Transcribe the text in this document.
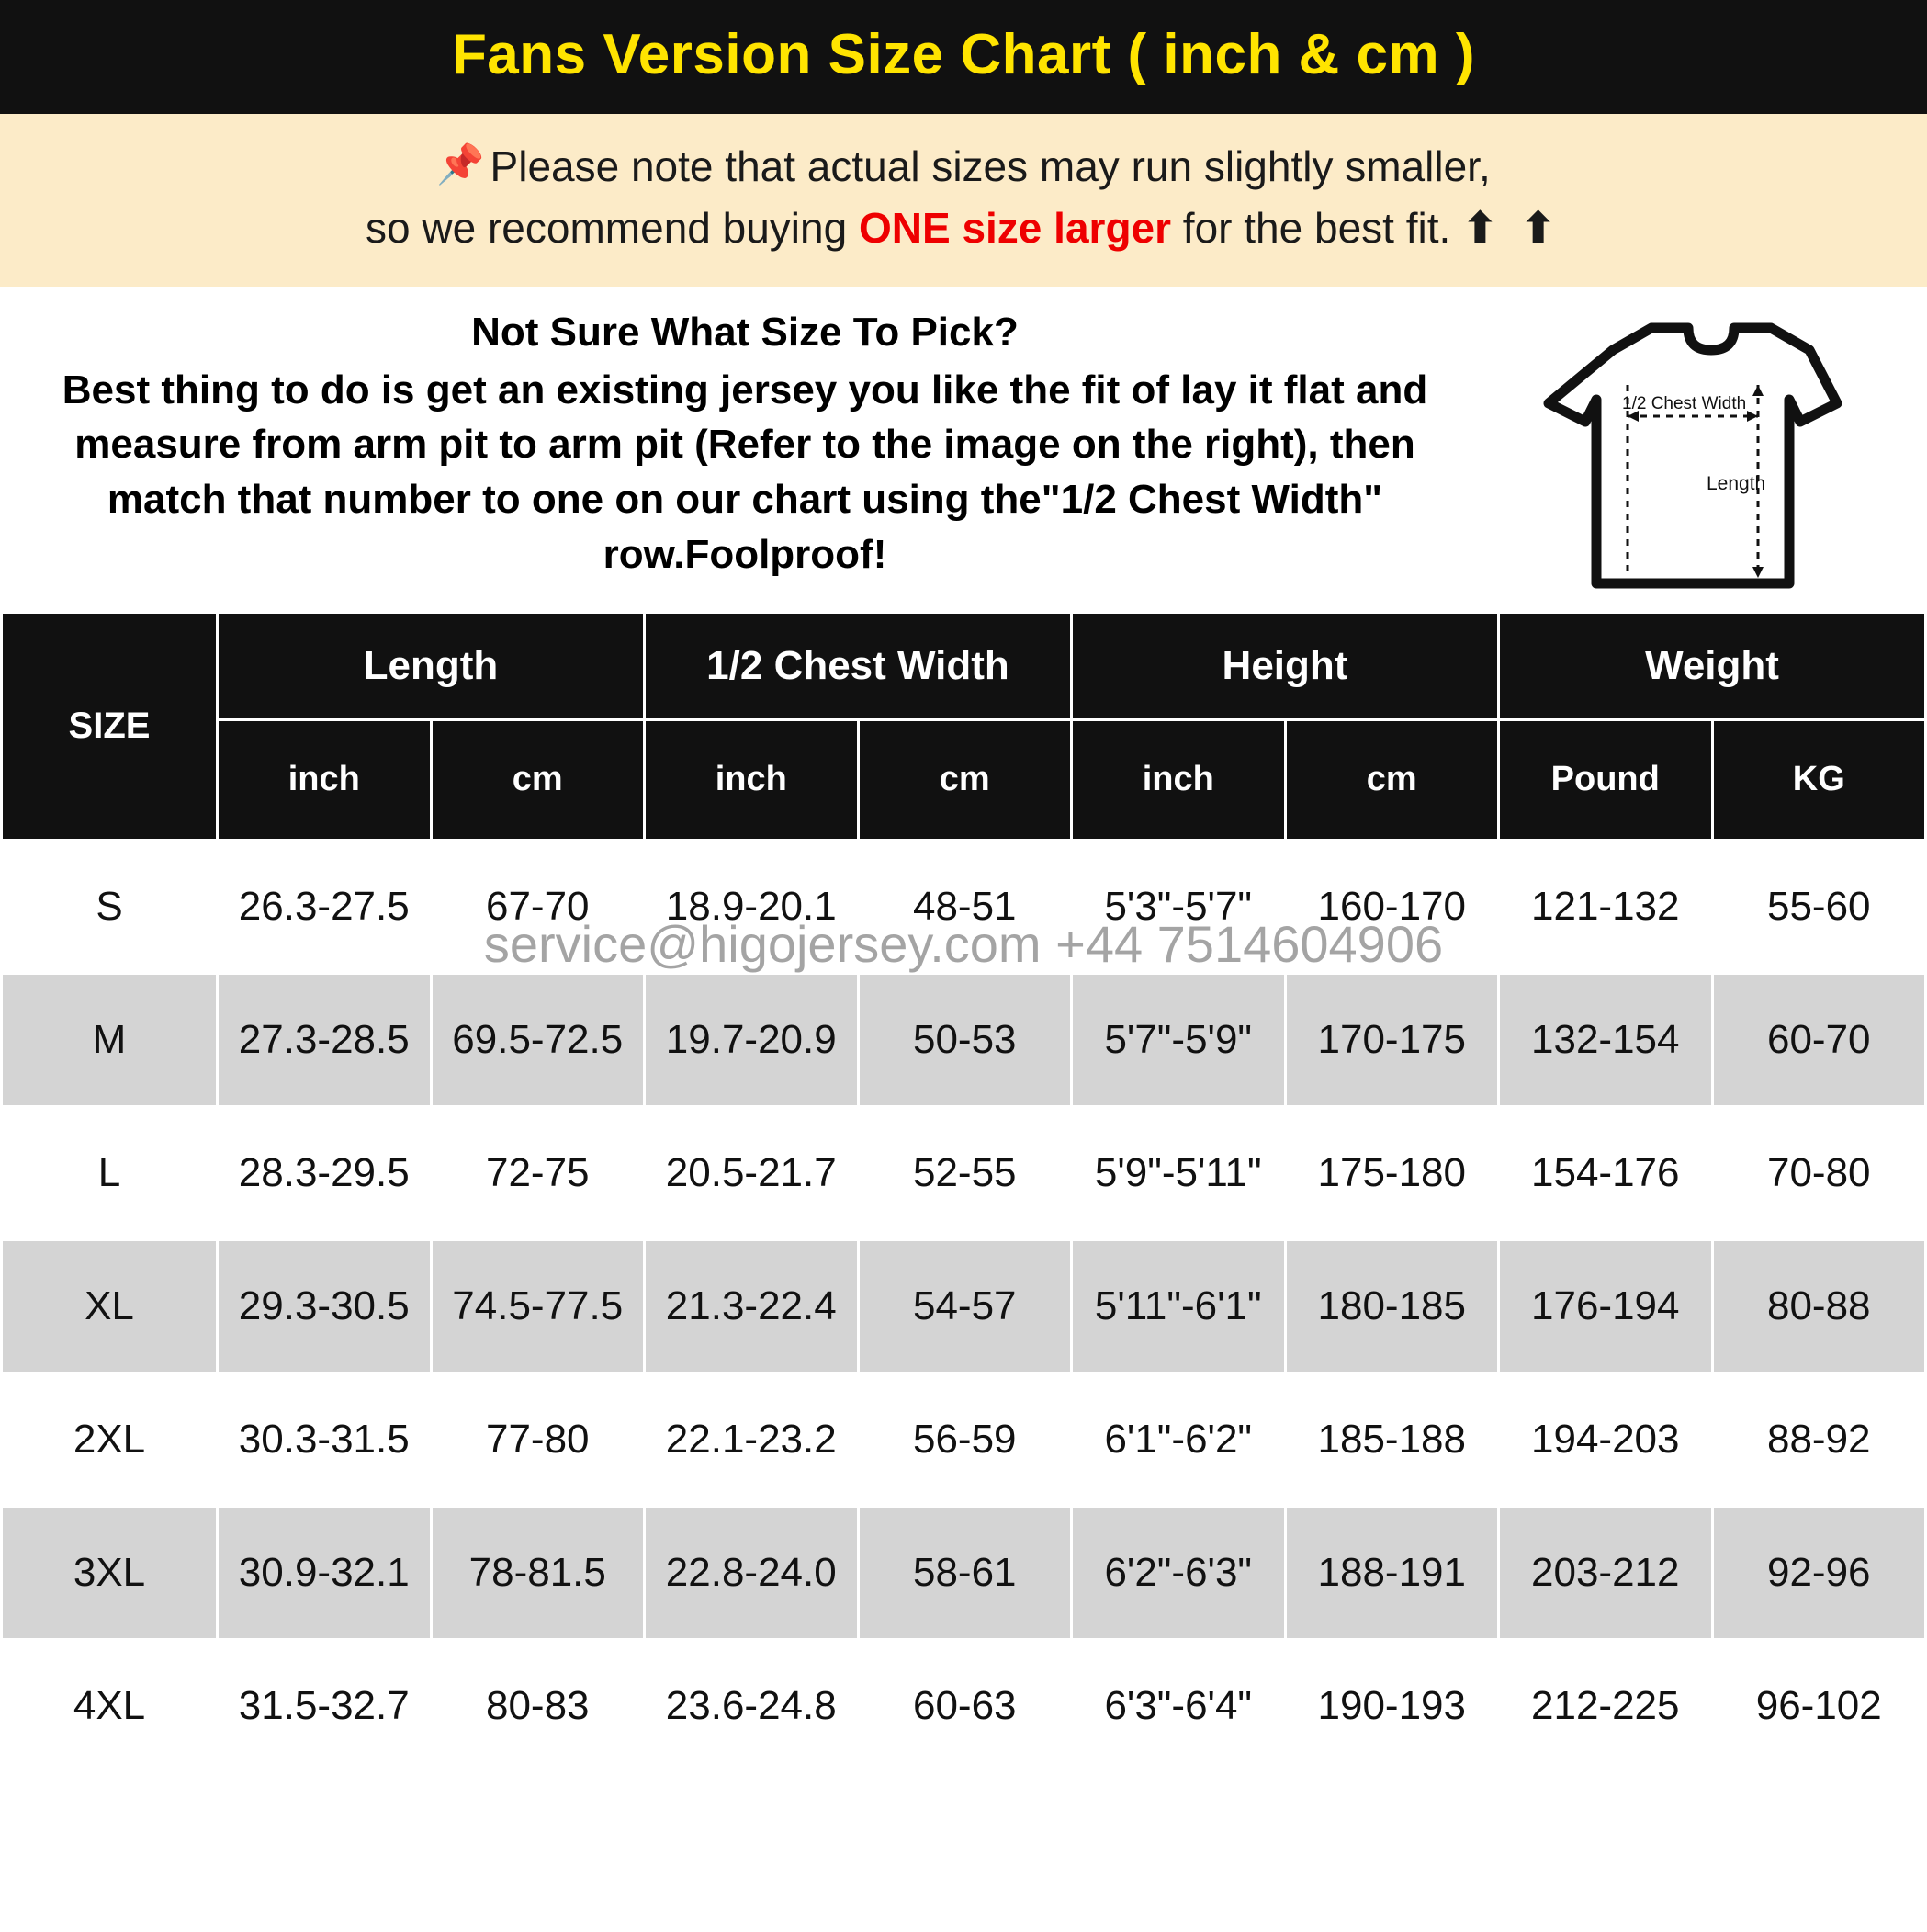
Fans Version Size Chart ( inch & cm )
📌 Please note that actual sizes may run slightly smaller,
so we recommend buying ONE size larger for the best fit. ⬆ ⬆
Not Sure What Size To Pick?
Best thing to do is get an existing jersey you like the fit of lay it flat and measure from arm pit to arm pit (Refer to the image on the right), then match that number to one on our chart using the"1/2 Chest Width" row.Foolproof!
1/2 Chest Width
Length
SIZE	Length		1/2 Chest Width		Height		Weight	
	inch	cm	inch	cm	inch	cm	Pound	KG
S	26.3-27.5	67-70	18.9-20.1	48-51	5'3"-5'7"	160-170	121-132	55-60
M	27.3-28.5	69.5-72.5	19.7-20.9	50-53	5'7"-5'9"	170-175	132-154	60-70
L	28.3-29.5	72-75	20.5-21.7	52-55	5'9"-5'11"	175-180	154-176	70-80
XL	29.3-30.5	74.5-77.5	21.3-22.4	54-57	5'11"-6'1"	180-185	176-194	80-88
2XL	30.3-31.5	77-80	22.1-23.2	56-59	6'1"-6'2"	185-188	194-203	88-92
3XL	30.9-32.1	78-81.5	22.8-24.0	58-61	6'2"-6'3"	188-191	203-212	92-96
4XL	31.5-32.7	80-83	23.6-24.8	60-63	6'3"-6'4"	190-193	212-225	96-102
service@higojersey.com +44 7514604906
